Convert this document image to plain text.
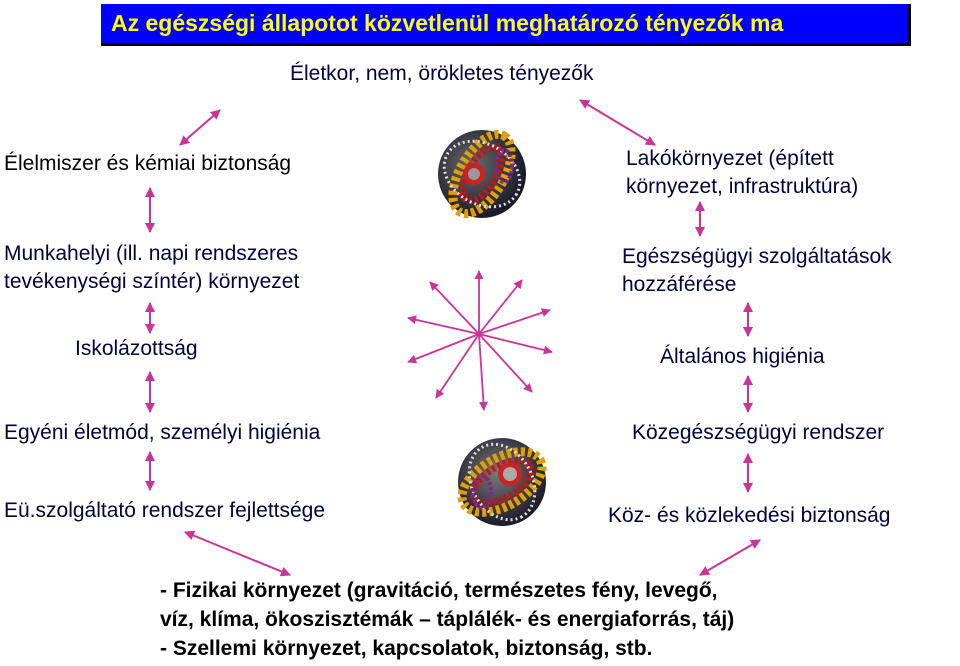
Az egészségi állapotot közvetlenül meghatározó tényezők ma
Életkor, nem, örökletes tényezők
Élelmiszer és kémiai biztonság
Munkahelyi (ill. napi rendszeres
tevékenységi színtér) környezet
Iskolázottság
Egyéni életmód, személyi higiénia
Eü.szolgáltató rendszer fejlettsége
Lakókörnyezet (épített
környezet, infrastruktúra)
Egészségügyi szolgáltatások
hozzáférése
Általános higiénia
Közegészségügyi rendszer
Köz- és közlekedési biztonság
- Fizikai környezet (gravitáció, természetes fény, levegő,
víz, klíma, ökoszisztémák – táplálék- és energiaforrás, táj)
- Szellemi környezet, kapcsolatok, biztonság, stb.
